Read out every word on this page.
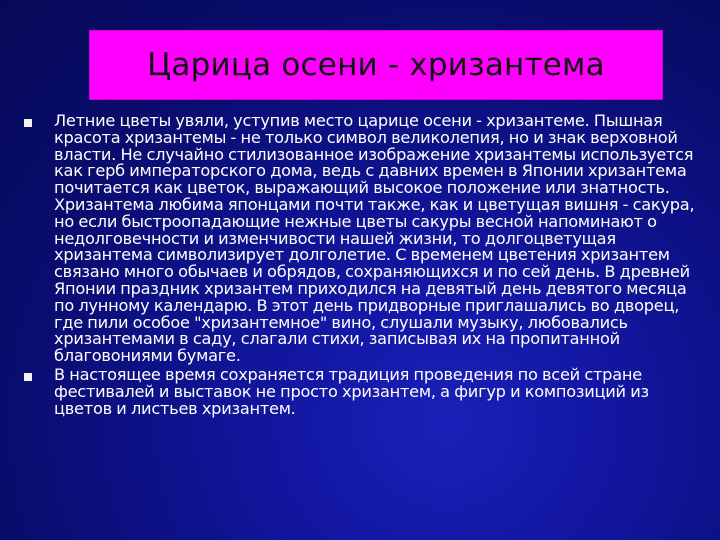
Царица осени - хризантема
Летние цветы увяли, уступив место царице осени - хризантеме. Пышная красота хризантемы - не только символ великолепия, но и знак верховной власти. Не случайно стилизованное изображение хризантемы используется как герб императорского дома, ведь с давних времен в Японии хризантема почитается как цветок, выражающий высокое положение или знатность. Хризантема любима японцами почти также, как и цветущая вишня - сакура, но если быстроопадающие нежные цветы сакуры весной напоминают о недолговечности и изменчивости нашей жизни, то долгоцветущая хризантема символизирует долголетие. С временем цветения хризантем связано много обычаев и обрядов, сохраняющихся и по сей день. В древней Японии праздник хризантем приходился на девятый день девятого месяца по лунному календарю. В этот день придворные приглашались во дворец, где пили особое "хризантемное" вино, слушали музыку, любовались хризантемами в саду, слагали стихи, записывая их на пропитанной благовониями бумаге.
В настоящее время сохраняется традиция проведения по всей стране фестивалей и выставок не просто хризантем, а фигур и композиций из цветов и листьев хризантем.
